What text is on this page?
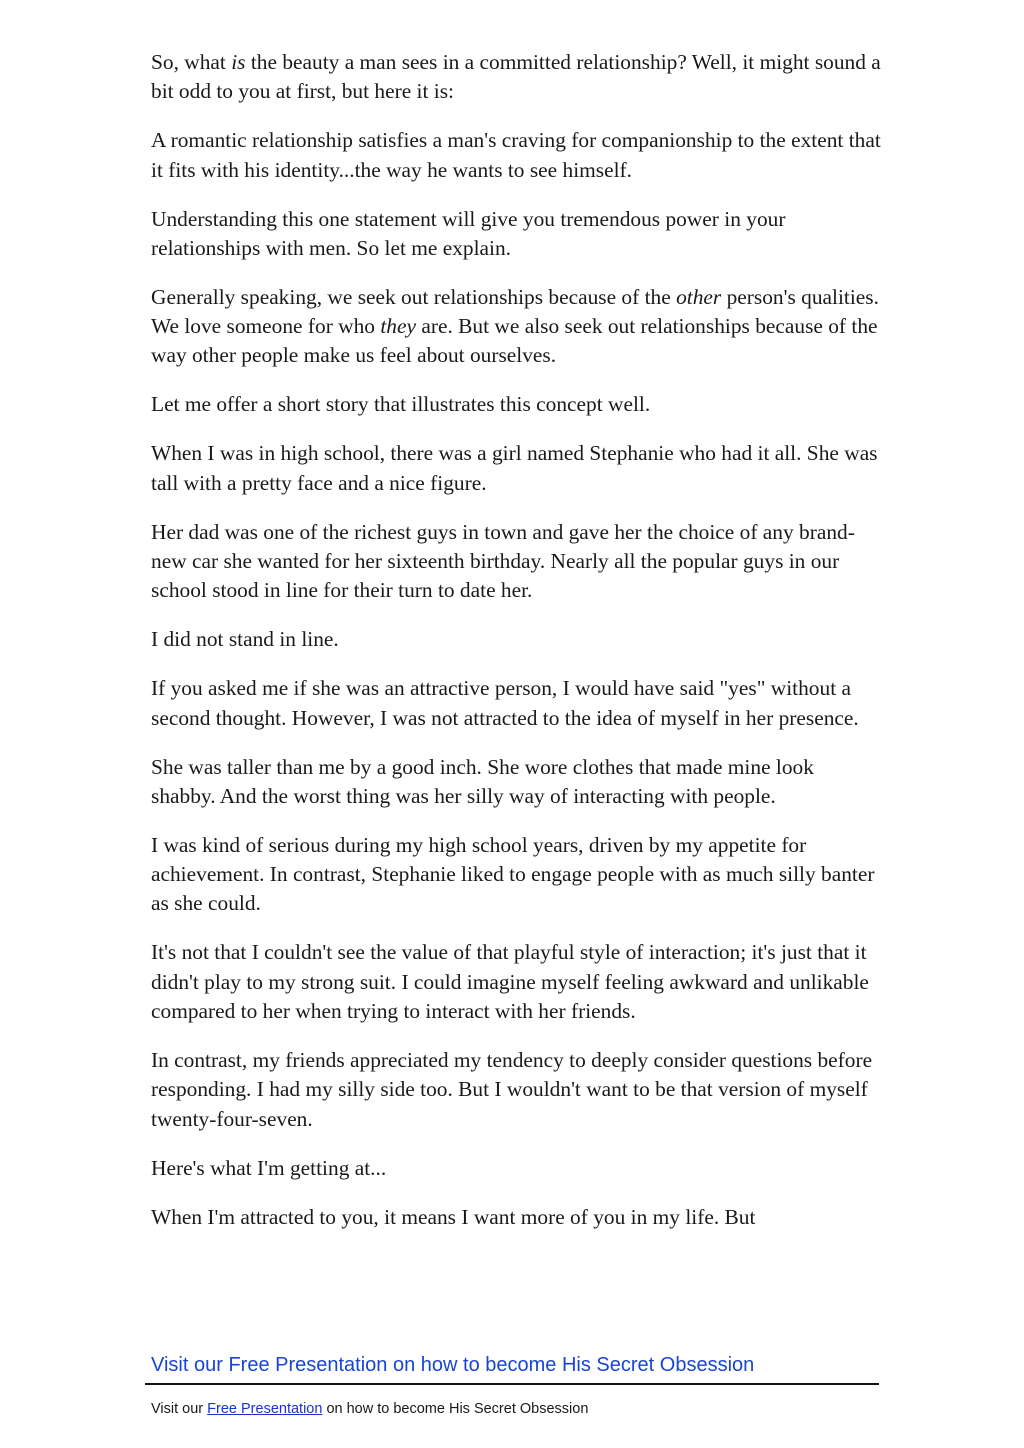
So, what is the beauty a man sees in a committed relationship? Well, it might sound a bit odd to you at first, but here it is:

A romantic relationship satisfies a man's craving for companionship to the extent that it fits with his identity...the way he wants to see himself.

Understanding this one statement will give you tremendous power in your relationships with men. So let me explain.

Generally speaking, we seek out relationships because of the other person's qualities. We love someone for who they are. But we also seek out relationships because of the way other people make us feel about ourselves.

Let me offer a short story that illustrates this concept well.

When I was in high school, there was a girl named Stephanie who had it all. She was tall with a pretty face and a nice figure.

Her dad was one of the richest guys in town and gave her the choice of any brand-new car she wanted for her sixteenth birthday. Nearly all the popular guys in our school stood in line for their turn to date her.

I did not stand in line.

If you asked me if she was an attractive person, I would have said "yes" without a second thought. However, I was not attracted to the idea of myself in her presence.

She was taller than me by a good inch. She wore clothes that made mine look shabby. And the worst thing was her silly way of interacting with people.

I was kind of serious during my high school years, driven by my appetite for achievement. In contrast, Stephanie liked to engage people with as much silly banter as she could.

It's not that I couldn't see the value of that playful style of interaction; it's just that it didn't play to my strong suit. I could imagine myself feeling awkward and unlikable compared to her when trying to interact with her friends.

In contrast, my friends appreciated my tendency to deeply consider questions before responding. I had my silly side too. But I wouldn't want to be that version of myself twenty-four-seven.

Here's what I'm getting at...

When I'm attracted to you, it means I want more of you in my life. But

Visit our Free Presentation on how to become His Secret Obsession
Visit our Free Presentation on how to become His Secret Obsession
